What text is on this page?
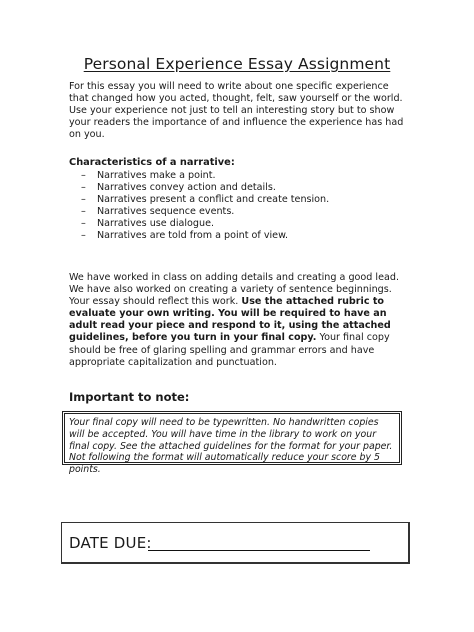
Personal Experience Essay Assignment
For this essay you will need to write about one specific experience that changed how you acted, thought, felt, saw yourself or the world. Use your experience not just to tell an interesting story but to show your readers the importance of and influence the experience has had on you.
Characteristics of a narrative:
– Narratives make a point.
– Narratives convey action and details.
– Narratives present a conflict and create tension.
– Narratives sequence events.
– Narratives use dialogue.
– Narratives are told from a point of view.
We have worked in class on adding details and creating a good lead. We have also worked on creating a variety of sentence beginnings. Your essay should reflect this work. Use the attached rubric to evaluate your own writing. You will be required to have an adult read your piece and respond to it, using the attached guidelines, before you turn in your final copy. Your final copy should be free of glaring spelling and grammar errors and have appropriate capitalization and punctuation.
Important to note:
Your final copy will need to be typewritten. No handwritten copies will be accepted. You will have time in the library to work on your final copy. See the attached guidelines for the format for your paper. Not following the format will automatically reduce your score by 5 points.
DATE DUE:
